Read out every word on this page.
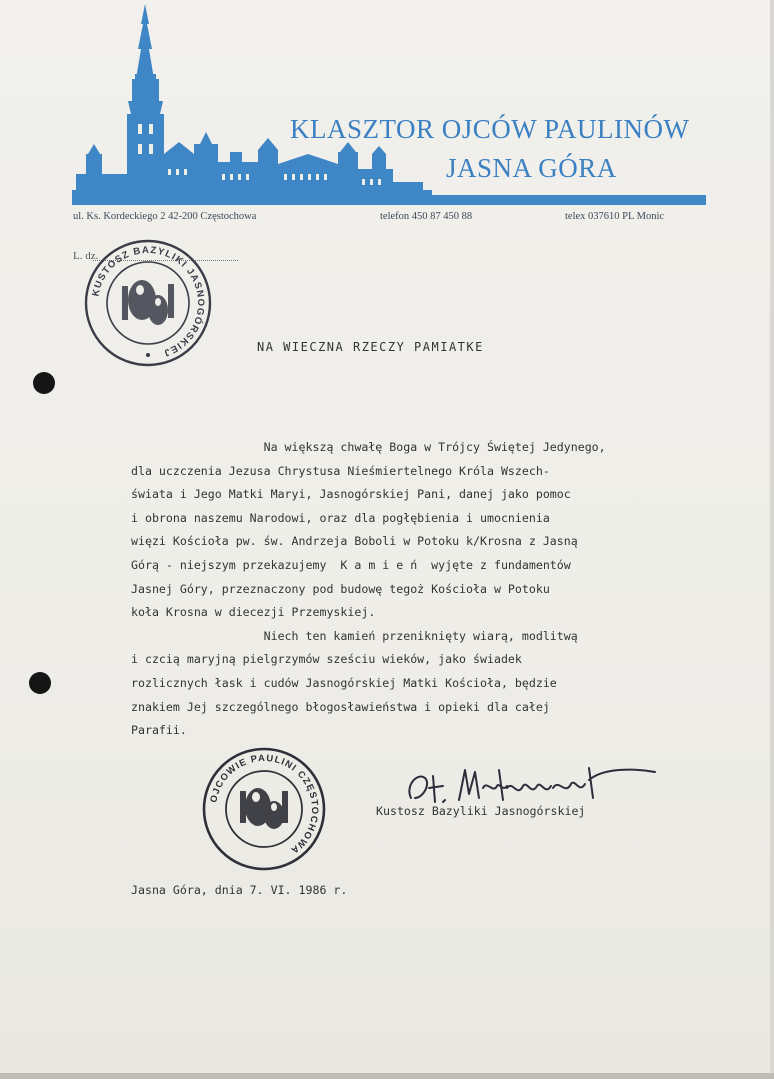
KLASZTOR OJCÓW PAULINÓW
JASNA GÓRA
ul. Ks. Kordeckiego 2 42-200 Częstochowa	telefon 450 87 450 88	telex 037610 PL Monic
L. dz.
KUSTOSZ BAZYLIKI JASNOGÓRSKIEJ	NA WIECZNA RZECZY PAMIATKE
Na większą chwałę Boga w Trójcy Świętej Jedynego,
dla uczczenia Jezusa Chrystusa Nieśmiertelnego Króla Wszech-
świata i Jego Matki Maryi, Jasnogórskiej Pani, danej jako pomoc
i obrona naszemu Narodowi, oraz dla pogłębienia i umocnienia
więzi Kościoła pw. św. Andrzeja Boboli w Potoku k/Krosna z Jasną
Górą - niejszym przekazujemy  K a m i e ń  wyjęte z fundamentów
Jasnej Góry, przeznaczony pod budowę tegoż Kościoła w Potoku
koła Krosna w diecezji Przemyskiej.
Niech ten kamień przeniknięty wiarą, modlitwą
i czcią maryjną pielgrzymów sześciu wieków, jako świadek
rozlicznych łask i cudów Jasnogórskiej Matki Kościoła, będzie
znakiem Jej szczególnego błogosławieństwa i opieki dla całej
Parafii.
OJCOWIE PAULINI CZĘSTOCHOWA
Kustosz Bazyliki Jasnogórskiej
Jasna Góra, dnia 7. VI. 1986 r.
